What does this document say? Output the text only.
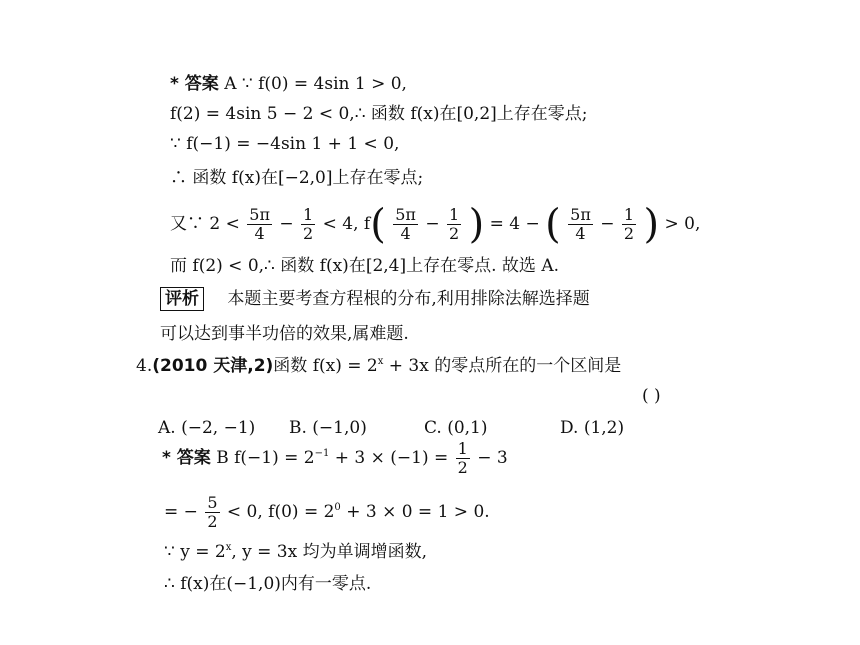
* 答案 A ∵ f(0) = 4sin 1 > 0,
f(2) = 4sin 5 − 2 < 0,∴ 函数 f(x)在[0,2]上存在零点;
∵ f(−1) = −4sin 1 + 1 < 0,
∴ 函数 f(x)在[−2,0]上存在零点;
又∵ $2 < \frac{5\pi}{4} - \frac{1}{2} < 4$, $f( \frac{5\pi}{4} - \frac{1}{2}$ ) = 4 − ( $\frac{5\pi}{4} - \frac{1}{2}$ ) > 0,
而 f(2) < 0,∴ 函数 f(x)在[2,4]上存在零点. 故选 A.
评析 本题主要考查方程根的分布,利用排除法解选择题
可以达到事半功倍的效果,属难题.
4.(2010 天津,2)函数 $f(x) = 2^x + 3x$ 的零点所在的一个区间是
( )
A. (−2, −1) B. (−1,0)	C. (0,1)	D. (1,2)
* 答案 B $f(-1) = 2^{-1} + 3 \times (-1) = \frac{1}{2} - 3$
= − $\frac{5}{2} < 0$, $f(0) = 2^0 + 3 \times 0 = 1 > 0$.
∵ $y = 2^x$, y = 3x 均为单调增函数,
∴ f(x)在(−1,0)内有一零点.
